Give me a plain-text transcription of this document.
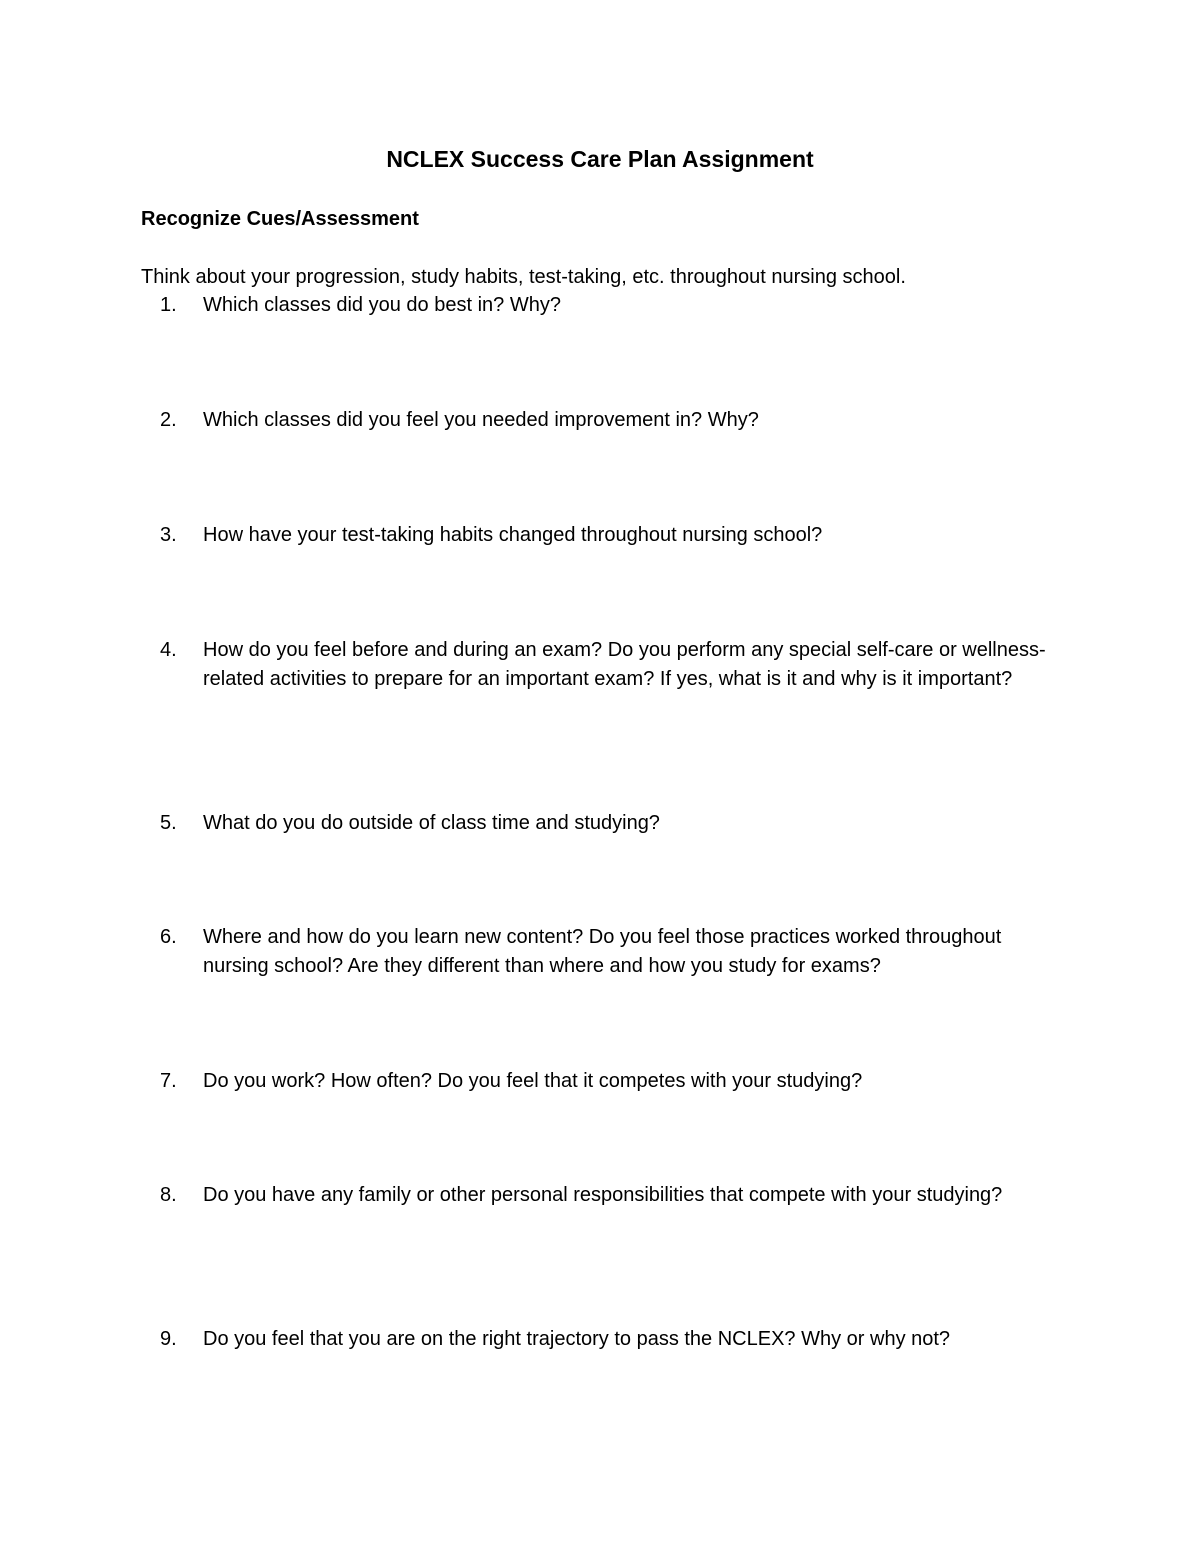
NCLEX Success Care Plan Assignment
Recognize Cues/Assessment

Think about your progression, study habits, test-taking, etc. throughout nursing school.

1.	Which classes did you do best in? Why?
2.	Which classes did you feel you needed improvement in? Why?
3.	How have your test-taking habits changed throughout nursing school?
4.	How do you feel before and during an exam? Do you perform any special self-care or wellness-related activities to prepare for an important exam? If yes, what is it and why is it important?
5.	What do you do outside of class time and studying?
6.	Where and how do you learn new content? Do you feel those practices worked throughout nursing school? Are they different than where and how you study for exams?
7.	Do you work? How often? Do you feel that it competes with your studying?
8.	Do you have any family or other personal responsibilities that compete with your studying?
9.	Do you feel that you are on the right trajectory to pass the NCLEX? Why or why not?
